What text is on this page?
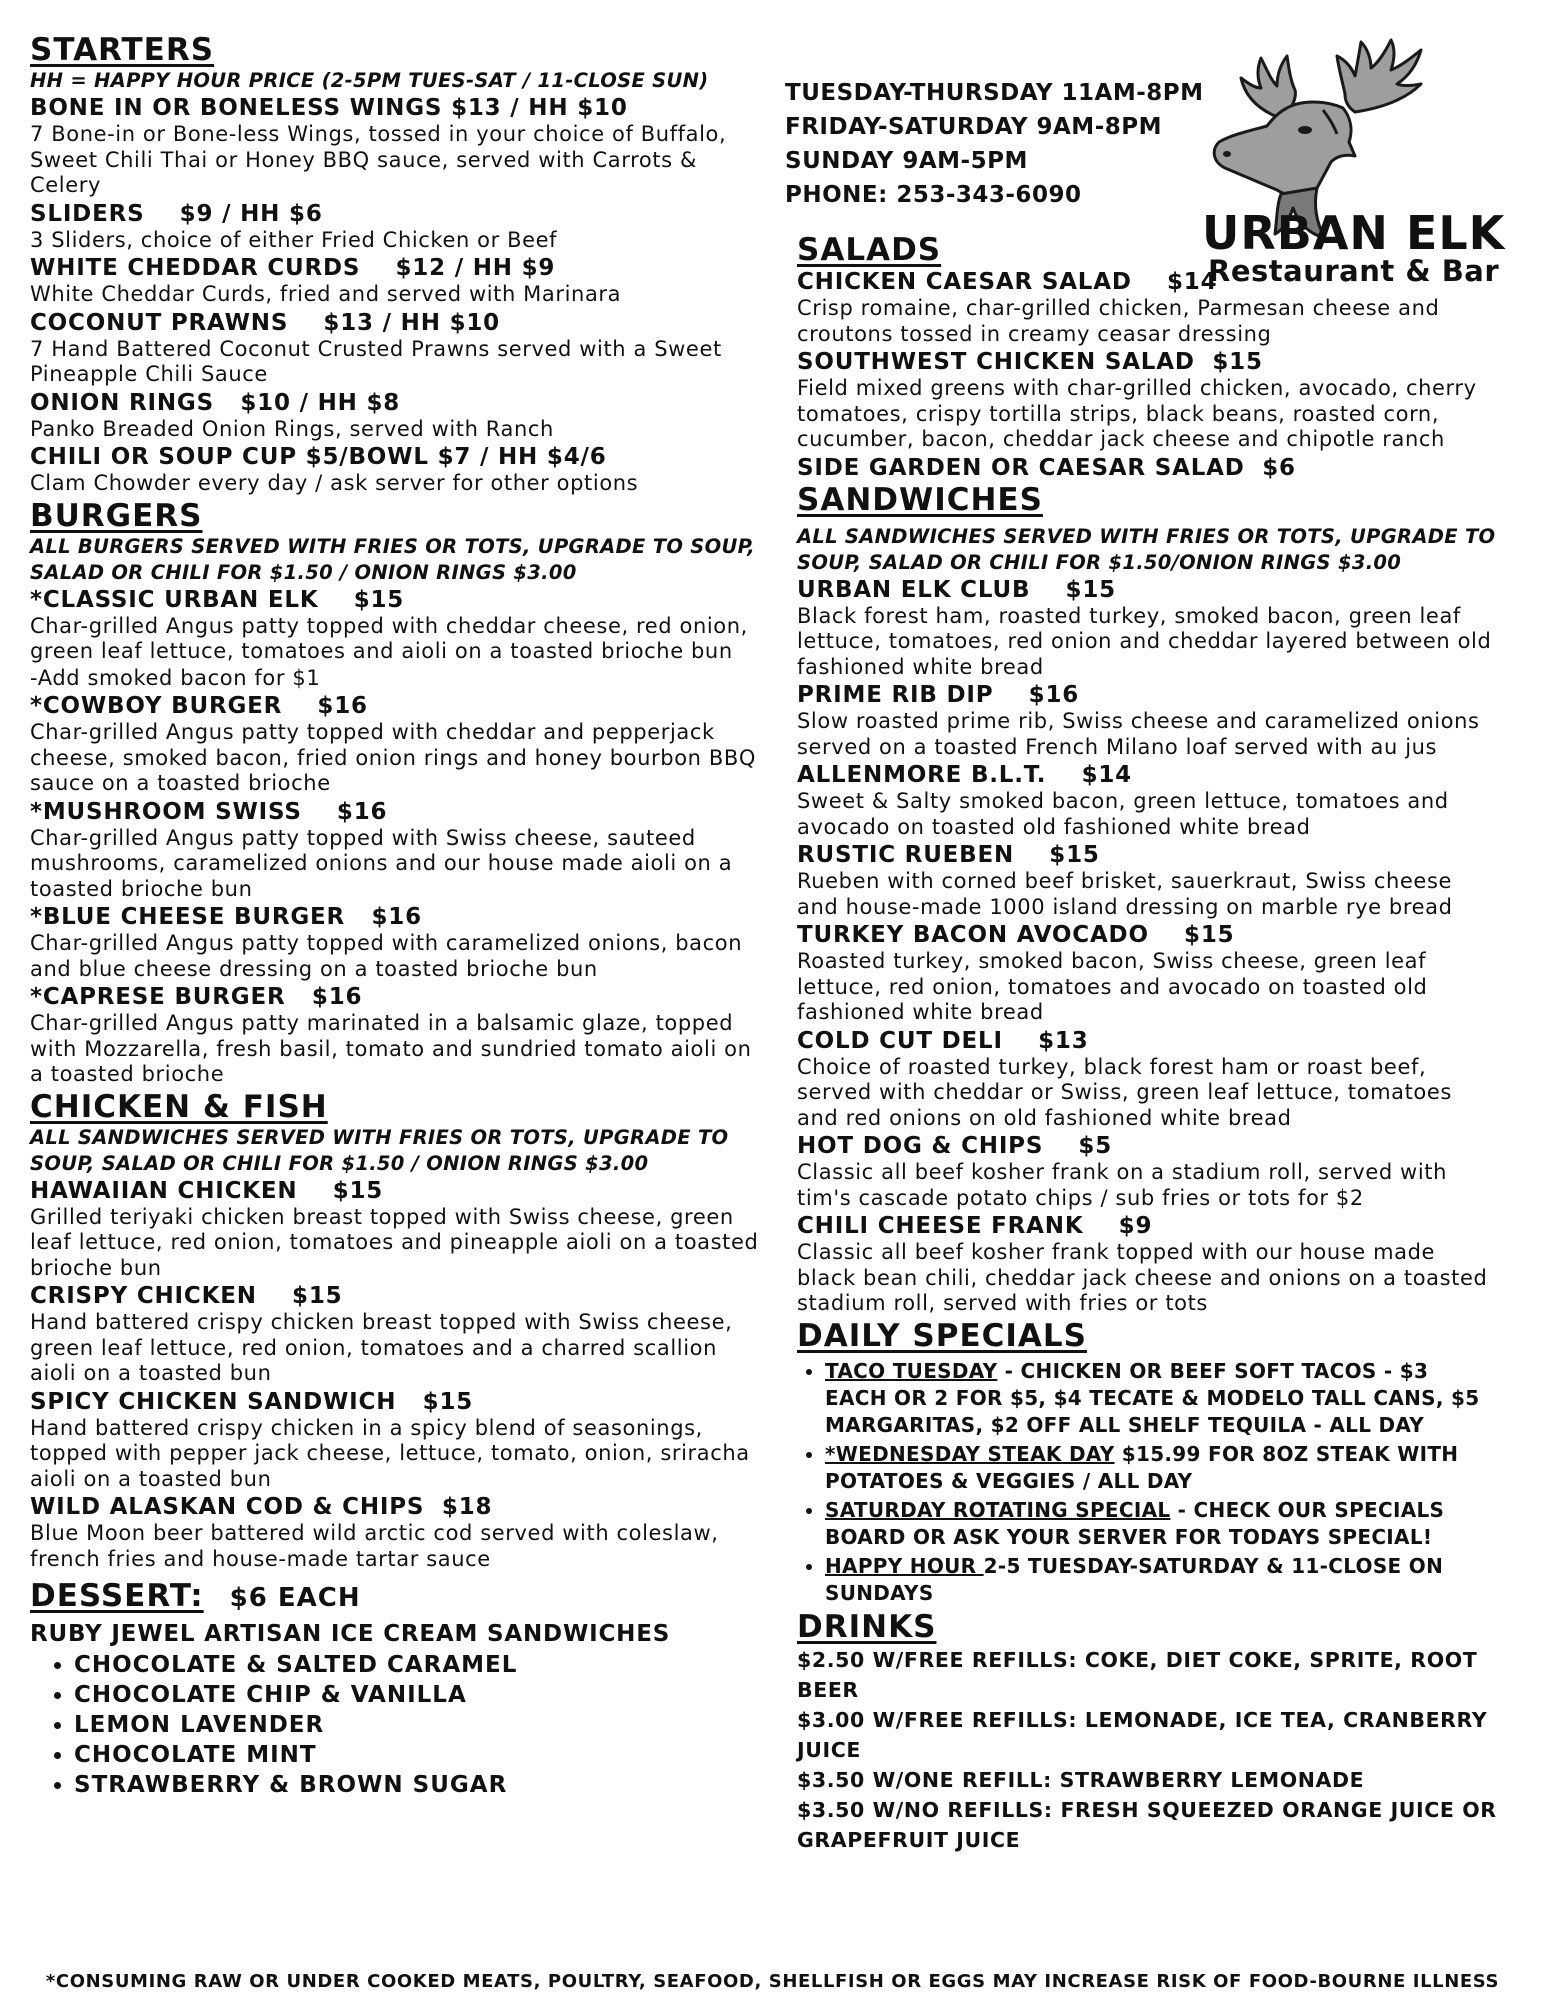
STARTERS

HH = HAPPY HOUR PRICE (2-5PM TUES-SAT / 11-CLOSE SUN)

BONE IN OR BONELESS WINGS $13 / HH $10

7 Bone-in or Bone-less Wings, tossed in your choice of Buffalo, Sweet Chili Thai or Honey BBQ sauce, served with Carrots & Celery

SLIDERS    $9 / HH $6

3 Sliders, choice of either Fried Chicken or Beef

WHITE CHEDDAR CURDS    $12 / HH $9

White Cheddar Curds, fried and served with Marinara

COCONUT PRAWNS    $13 / HH $10

7 Hand Battered Coconut Crusted Prawns served with a Sweet Pineapple Chili Sauce

ONION RINGS   $10 / HH $8

Panko Breaded Onion Rings, served with Ranch

CHILI OR SOUP CUP $5/BOWL $7 / HH $4/6

Clam Chowder every day / ask server for other options

BURGERS

ALL BURGERS SERVED WITH FRIES OR TOTS, UPGRADE TO SOUP, SALAD OR CHILI FOR $1.50 / ONION RINGS $3.00

*CLASSIC URBAN ELK    $15

Char-grilled Angus patty topped with cheddar cheese, red onion, green leaf lettuce, tomatoes and aioli on a toasted brioche bun

-Add smoked bacon for $1

*COWBOY BURGER    $16

Char-grilled Angus patty topped with cheddar and pepperjack cheese, smoked bacon, fried onion rings and honey bourbon BBQ sauce on a toasted brioche

*MUSHROOM SWISS    $16

Char-grilled Angus patty topped with Swiss cheese, sauteed mushrooms, caramelized onions and our house made aioli on a toasted brioche bun

*BLUE CHEESE BURGER   $16

Char-grilled Angus patty topped with caramelized onions, bacon and blue cheese dressing on a toasted brioche bun

*CAPRESE BURGER   $16

Char-grilled Angus patty marinated in a balsamic glaze, topped with Mozzarella, fresh basil, tomato and sundried tomato aioli on a toasted brioche

CHICKEN & FISH

ALL SANDWICHES SERVED WITH FRIES OR TOTS, UPGRADE TO SOUP, SALAD OR CHILI FOR $1.50 / ONION RINGS $3.00

HAWAIIAN CHICKEN    $15

Grilled teriyaki chicken breast topped with Swiss cheese, green leaf lettuce, red onion, tomatoes and pineapple aioli on a toasted brioche bun

CRISPY CHICKEN    $15

Hand battered crispy chicken breast topped with Swiss cheese, green leaf lettuce, red onion, tomatoes and a charred scallion aioli on a toasted bun

SPICY CHICKEN SANDWICH   $15

Hand battered crispy chicken in a spicy blend of seasonings, topped with pepper jack cheese, lettuce, tomato, onion, sriracha aioli on a toasted bun

WILD ALASKAN COD & CHIPS  $18

Blue Moon beer battered wild arctic cod served with coleslaw, french fries and house-made tartar sauce

DESSERT: $6 EACH

RUBY JEWEL ARTISAN ICE CREAM SANDWICHES

• CHOCOLATE & SALTED CARAMEL
• CHOCOLATE CHIP & VANILLA
• LEMON LAVENDER
• CHOCOLATE MINT
• STRAWBERRY & BROWN SUGAR
TUESDAY-THURSDAY 11AM-8PM
FRIDAY-SATURDAY 9AM-8PM
SUNDAY 9AM-5PM
PHONE: 253-343-6090
URBAN ELK
Restaurant & Bar
SALADS

CHICKEN CAESAR SALAD    $14

Crisp romaine, char-grilled chicken, Parmesan cheese and croutons tossed in creamy ceasar dressing

SOUTHWEST CHICKEN SALAD  $15

Field mixed greens with char-grilled chicken, avocado, cherry tomatoes, crispy tortilla strips, black beans, roasted corn, cucumber, bacon, cheddar jack cheese and chipotle ranch

SIDE GARDEN OR CAESAR SALAD  $6

SANDWICHES

ALL SANDWICHES SERVED WITH FRIES OR TOTS, UPGRADE TO SOUP, SALAD OR CHILI FOR $1.50/ONION RINGS $3.00

URBAN ELK CLUB    $15

Black forest ham, roasted turkey, smoked bacon, green leaf lettuce, tomatoes, red onion and cheddar layered between old fashioned white bread

PRIME RIB DIP    $16

Slow roasted prime rib, Swiss cheese and caramelized onions served on a toasted French Milano loaf served with au jus

ALLENMORE B.L.T.    $14

Sweet & Salty smoked bacon, green lettuce, tomatoes and avocado on toasted old fashioned white bread

RUSTIC RUEBEN    $15

Rueben with corned beef brisket, sauerkraut, Swiss cheese and house-made 1000 island dressing on marble rye bread

TURKEY BACON AVOCADO    $15

Roasted turkey, smoked bacon, Swiss cheese, green leaf lettuce, red onion, tomatoes and avocado on toasted old fashioned white bread

COLD CUT DELI    $13

Choice of roasted turkey, black forest ham or roast beef, served with cheddar or Swiss, green leaf lettuce, tomatoes and red onions on old fashioned white bread

HOT DOG & CHIPS    $5

Classic all beef kosher frank on a stadium roll, served with tim's cascade potato chips / sub fries or tots for $2

CHILI CHEESE FRANK    $9

Classic all beef kosher frank topped with our house made black bean chili, cheddar jack cheese and onions on a toasted stadium roll, served with fries or tots

DAILY SPECIALS
• TACO TUESDAY - CHICKEN OR BEEF SOFT TACOS - $3 EACH OR 2 FOR $5, $4 TECATE & MODELO TALL CANS, $5 MARGARITAS, $2 OFF ALL SHELF TEQUILA - ALL DAY
• *WEDNESDAY STEAK DAY $15.99 FOR 8OZ STEAK WITH POTATOES & VEGGIES / ALL DAY
• SATURDAY ROTATING SPECIAL - CHECK OUR SPECIALS BOARD OR ASK YOUR SERVER FOR TODAYS SPECIAL!
• HAPPY HOUR 2-5 TUESDAY-SATURDAY & 11-CLOSE ON SUNDAYS
DRINKS

$2.50 W/FREE REFILLS: COKE, DIET COKE, SPRITE, ROOT BEER

$3.00 W/FREE REFILLS: LEMONADE, ICE TEA, CRANBERRY JUICE

$3.50 W/ONE REFILL: STRAWBERRY LEMONADE

$3.50 W/NO REFILLS: FRESH SQUEEZED ORANGE JUICE OR GRAPEFRUIT JUICE

*CONSUMING RAW OR UNDER COOKED MEATS, POULTRY, SEAFOOD, SHELLFISH OR EGGS MAY INCREASE RISK OF FOOD-BOURNE ILLNESS
